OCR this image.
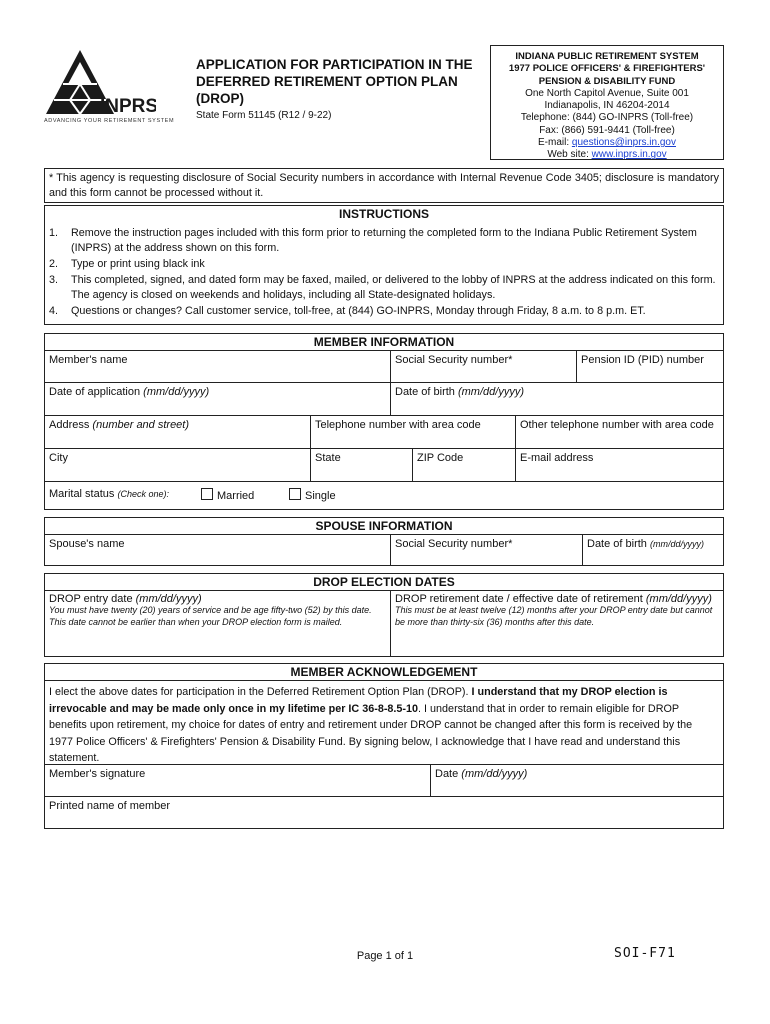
INPRS
ADVANCING YOUR RETIREMENT SYSTEM
APPLICATION FOR PARTICIPATION IN THE DEFERRED RETIREMENT OPTION PLAN (DROP)
State Form 51145 (R12 / 9-22)
INDIANA PUBLIC RETIREMENT SYSTEM
1977 POLICE OFFICERS' & FIREFIGHTERS'
PENSION & DISABILITY FUND
One North Capitol Avenue, Suite 001
Indianapolis, IN 46204-2014
Telephone: (844) GO-INPRS (Toll-free)
Fax: (866) 591-9441 (Toll-free)
E-mail: questions@inprs.in.gov
Web site: www.inprs.in.gov
* This agency is requesting disclosure of Social Security numbers in accordance with Internal Revenue Code 3405; disclosure is mandatory and this form cannot be processed without it.
INSTRUCTIONS
1. Remove the instruction pages included with this form prior to returning the completed form to the Indiana Public Retirement System (INPRS) at the address shown on this form.
2. Type or print using black ink
3. This completed, signed, and dated form may be faxed, mailed, or delivered to the lobby of INPRS at the address indicated on this form. The agency is closed on weekends and holidays, including all State-designated holidays.
4. Questions or changes? Call customer service, toll-free, at (844) GO-INPRS, Monday through Friday, 8 a.m. to 8 p.m. ET.
MEMBER INFORMATION
Member's name	Social Security number*	Pension ID (PID) number
Date of application (mm/dd/yyyy)	Date of birth (mm/dd/yyyy)
Address (number and street)	Telephone number with area code	Other telephone number with area code
City	State	ZIP Code	E-mail address
Marital status (Check one):	Married	Single
SPOUSE INFORMATION
Spouse's name	Social Security number*	Date of birth (mm/dd/yyyy)
DROP ELECTION DATES
DROP entry date (mm/dd/yyyy)
You must have twenty (20) years of service and be age fifty-two (52) by this date. This date cannot be earlier than when your DROP election form is mailed.
DROP retirement date / effective date of retirement (mm/dd/yyyy)
This must be at least twelve (12) months after your DROP entry date but cannot be more than thirty-six (36) months after this date.
MEMBER ACKNOWLEDGEMENT

I elect the above dates for participation in the Deferred Retirement Option Plan (DROP). I understand that my DROP election is irrevocable and may be made only once in my lifetime per IC 36-8-8.5-10. I understand that in order to remain eligible for DROP benefits upon retirement, my choice for dates of entry and retirement under DROP cannot be changed after this form is received by the 1977 Police Officers' & Firefighters' Pension & Disability Fund. By signing below, I acknowledge that I have read and understand this statement.

Member's signature	Date (mm/dd/yyyy)
Printed name of member
Page 1 of 1	SOI-F71
